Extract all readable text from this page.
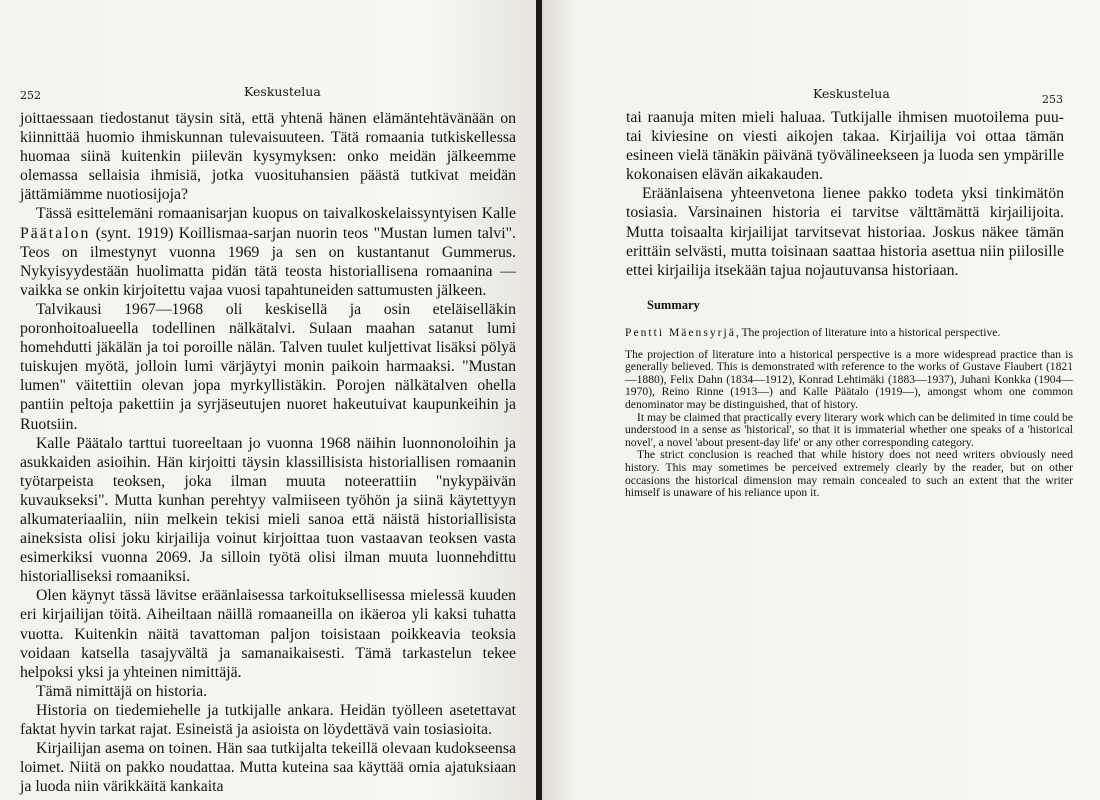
252	Keskustelua

joittaessaan tiedostanut täysin sitä, että yhtenä hänen elämäntehtävänään on kiinnittää huomio ihmiskunnan tulevaisuuteen. Tätä romaania tutkiskellessa huomaa siinä kuitenkin piilevän kysymyksen: onko meidän jälkeemme olemassa sellaisia ihmisiä, jotka vuosituhansien päästä tutkivat meidän jättämiämme nuotiosijoja?

Tässä esittelemäni romaanisarjan kuopus on taivalkoskelaissyntyisen Kalle Päätalon (synt. 1919) Koillismaa-sarjan nuorin teos "Mustan lumen talvi". Teos on ilmestynyt vuonna 1969 ja sen on kustantanut Gummerus. Nykyisyydestään huolimatta pidän tätä teosta historiallisena romaanina — vaikka se onkin kirjoitettu vajaa vuosi tapahtuneiden sattumusten jälkeen.

Talvikausi 1967—1968 oli keskisellä ja osin eteläiselläkin poronhoitoalueella todellinen nälkätalvi. Sulaan maahan satanut lumi homehdutti jäkälän ja toi poroille nälän. Talven tuulet kuljettivat lisäksi pölyä tuiskujen myötä, jolloin lumi värjäytyi monin paikoin harmaaksi. "Mustan lumen" väitettiin olevan jopa myrkyllistäkin. Porojen nälkätalven ohella pantiin peltoja pakettiin ja syrjäseutujen nuoret hakeutuivat kaupunkeihin ja Ruotsiin.

Kalle Päätalo tarttui tuoreeltaan jo vuonna 1968 näihin luonnonoloihin ja asukkaiden asioihin. Hän kirjoitti täysin klassillisista historiallisen romaanin työtarpeista teoksen, joka ilman muuta noteerattiin "nykypäivän kuvaukseksi". Mutta kunhan perehtyy valmiiseen työhön ja siinä käytettyyn alkumateriaaliin, niin melkein tekisi mieli sanoa että näistä historiallisista aineksista olisi joku kirjailija voinut kirjoittaa tuon vastaavan teoksen vasta esimerkiksi vuonna 2069. Ja silloin työtä olisi ilman muuta luonnehdittu historialliseksi romaaniksi.

Olen käynyt tässä lävitse eräänlaisessa tarkoituksellisessa mielessä kuuden eri kirjailijan töitä. Aiheiltaan näillä romaaneilla on ikäeroa yli kaksi tuhatta vuotta. Kuitenkin näitä tavattoman paljon toisistaan poikkeavia teoksia voidaan katsella tasajyvältä ja samanaikaisesti. Tämä tarkastelun tekee helpoksi yksi ja yhteinen nimittäjä.

Tämä nimittäjä on historia.

Historia on tiedemiehelle ja tutkijalle ankara. Heidän työlleen asetettavat faktat hyvin tarkat rajat. Esineistä ja asioista on löydettävä vain tosiasioita.

Kirjailijan asema on toinen. Hän saa tutkijalta tekeillä olevaan kudokseensa loimet. Niitä on pakko noudattaa. Mutta kuteina saa käyttää omia ajatuksiaan ja luoda niin värikkäitä kankaita

Keskustelua	253

tai raanuja miten mieli haluaa. Tutkijalle ihmisen muotoilema puu- tai kiviesine on viesti aikojen takaa. Kirjailija voi ottaa tämän esineen vielä tänäkin päivänä työvälineekseen ja luoda sen ympärille kokonaisen elävän aikakauden.

Eräänlaisena yhteenvetona lienee pakko todeta yksi tinkimätön tosiasia. Varsinainen historia ei tarvitse välttämättä kirjailijoita. Mutta toisaalta kirjailijat tarvitsevat historiaa. Joskus näkee tämän erittäin selvästi, mutta toisinaan saattaa historia asettua niin piilosille ettei kirjailija itsekään tajua nojautuvansa historiaan.

Summary

Pentti Mäensyrjä, The projection of literature into a historical perspective.

The projection of literature into a historical perspective is a more widespread practice than is generally believed. This is demonstrated with reference to the works of Gustave Flaubert (1821—1880), Felix Dahn (1834—1912), Konrad Lehtimäki (1883—1937), Juhani Konkka (1904—1970), Reino Rinne (1913—) and Kalle Päätalo (1919—), amongst whom one common denominator may be distinguished, that of history.

It may be claimed that practically every literary work which can be delimited in time could be understood in a sense as 'historical', so that it is immaterial whether one speaks of a 'historical novel', a novel 'about present-day life' or any other corresponding category.

The strict conclusion is reached that while history does not need writers obviously need history. This may sometimes be perceived extremely clearly by the reader, but on other occasions the historical dimension may remain concealed to such an extent that the writer himself is unaware of his reliance upon it.
